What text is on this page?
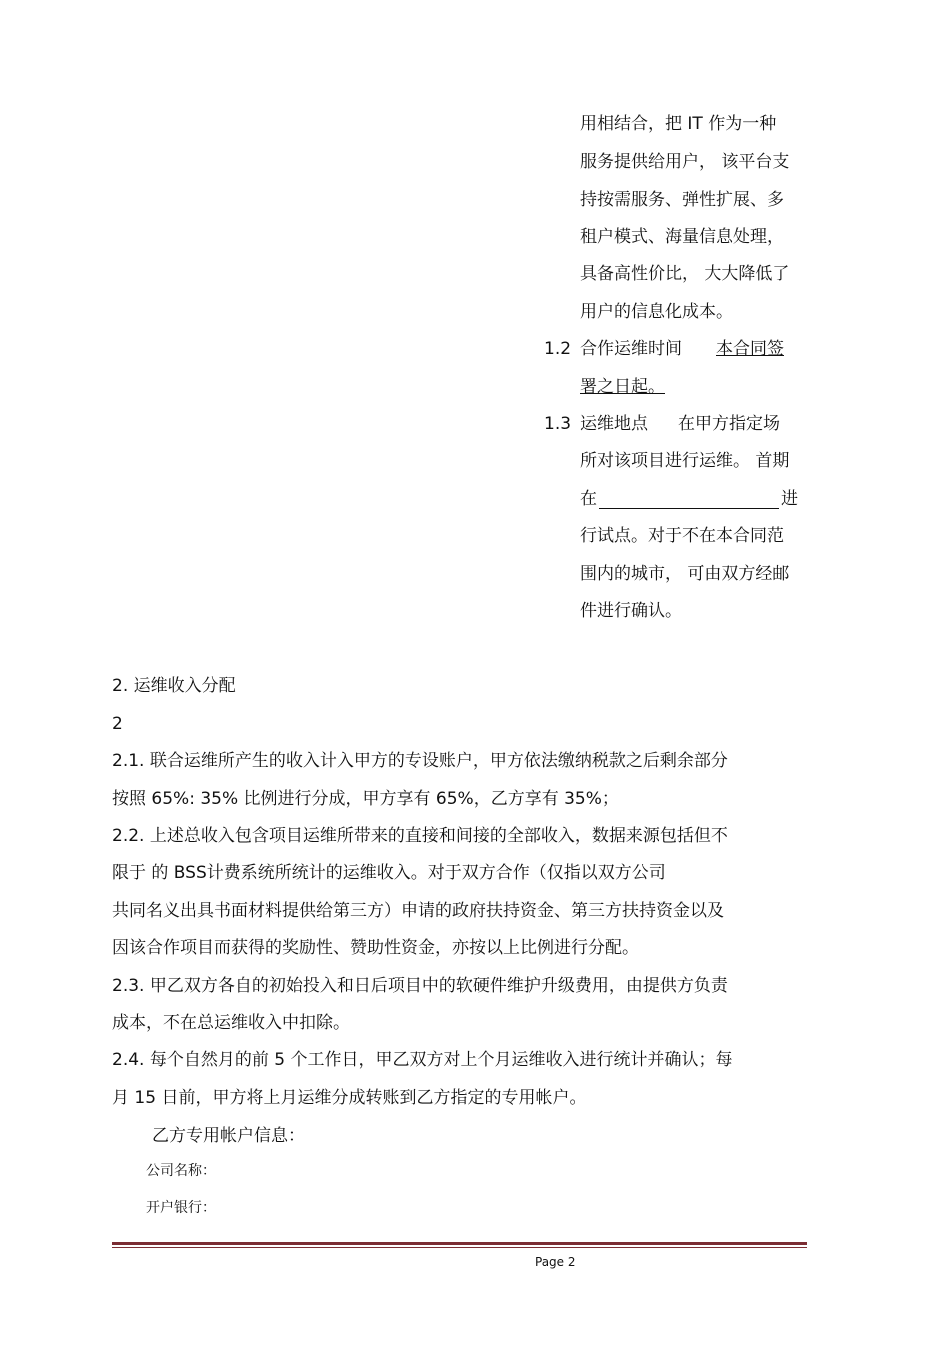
用相结合，把 IT 作为一种
服务提供给用户， 该平台支
持按需服务、弹性扩展、多
租户模式、海量信息处理，
具备高性价比， 大大降低了
用户的信息化成本。
1.2 合作运维时间 本合同签
署之日起。
1.3 运维地点 在甲方指定场
所对该项目进行运维。 首期
在	进
行试点。对于不在本合同范
围内的城市， 可由双方经邮
件进行确认。
2. 运维收入分配
2
2.1. 联合运维所产生的收入计入甲方的专设账户，甲方依法缴纳税款之后剩余部分
按照 65%: 35% 比例进行分成，甲方享有 65%，乙方享有 35%；
2.2. 上述总收入包含项目运维所带来的直接和间接的全部收入，数据来源包括但不
限于 的 BSS计费系统所统计的运维收入。对于双方合作（仅指以双方公司
共同名义出具书面材料提供给第三方）申请的政府扶持资金、第三方扶持资金以及
因该合作项目而获得的奖励性、赞助性资金，亦按以上比例进行分配。
2.3. 甲乙双方各自的初始投入和日后项目中的软硬件维护升级费用，由提供方负责
成本，不在总运维收入中扣除。
2.4. 每个自然月的前 5 个工作日，甲乙双方对上个月运维收入进行统计并确认；每
月 15 日前，甲方将上月运维分成转账到乙方指定的专用帐户。
乙方专用帐户信息：
公司名称：
开户银行：
Page 2
